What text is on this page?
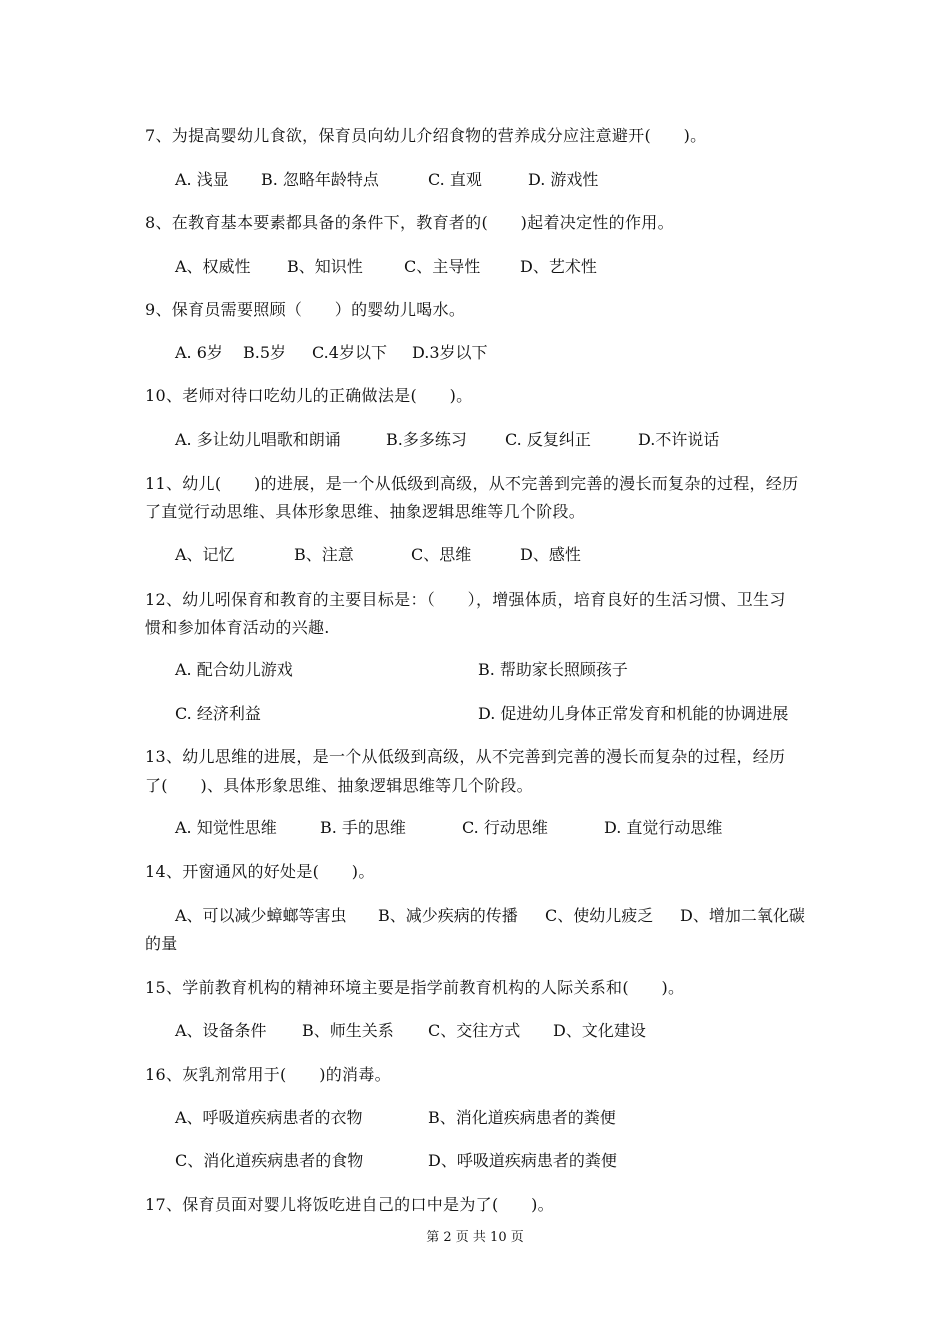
7、为提高婴幼儿食欲，保育员向幼儿介绍食物的营养成分应注意避开(　　)。
A. 浅显 B. 忽略年龄特点	C. 直观	D. 游戏性
8、在教育基本要素都具备的条件下，教育者的(　　)起着决定性的作用。
A、权威性 B、知识性	C、主导性 D、艺术性
9、保育员需要照顾（　　）的婴幼儿喝水。
A. 6岁 B.5岁 C.4岁以下 D.3岁以下
10、老师对待口吃幼儿的正确做法是(　　)。
A. 多让幼儿唱歌和朗诵	B.多多练习 C. 反复纠正	D.不许说话
11、幼儿(　　)的进展，是一个从低级到高级，从不完善到完善的漫长而复杂的过程，经历
了直觉行动思维、具体形象思维、抽象逻辑思维等几个阶段。
A、记忆	B、注意	C、思维	D、感性
12、幼儿吲保育和教育的主要目标是：（　　），增强体质，培育良好的生活习惯、卫生习
惯和参加体育活动的兴趣.
A. 配合幼儿游戏	B. 帮助家长照顾孩子
C. 经济利益	D. 促进幼儿身体正常发育和机能的协调进展
13、幼儿思维的进展，是一个从低级到高级，从不完善到完善的漫长而复杂的过程，经历
了(　　)、具体形象思维、抽象逻辑思维等几个阶段。
A. 知觉性思维	B. 手的思维	C. 行动思维	D. 直觉行动思维
14、开窗通风的好处是(　　)。
A、可以减少蟑螂等害虫 B、减少疾病的传播 C、使幼儿疲乏 D、增加二氧化碳
的量
15、学前教育机构的精神环境主要是指学前教育机构的人际关系和(　　)。
A、设备条件 B、师生关系 C、交往方式 D、文化建设
16、灰乳剂常用于(　　)的消毒。
A、呼吸道疾病患者的衣物	B、消化道疾病患者的粪便
C、消化道疾病患者的食物	D、呼吸道疾病患者的粪便
17、保育员面对婴儿将饭吃进自己的口中是为了(　　)。
第 2 页 共 10 页
